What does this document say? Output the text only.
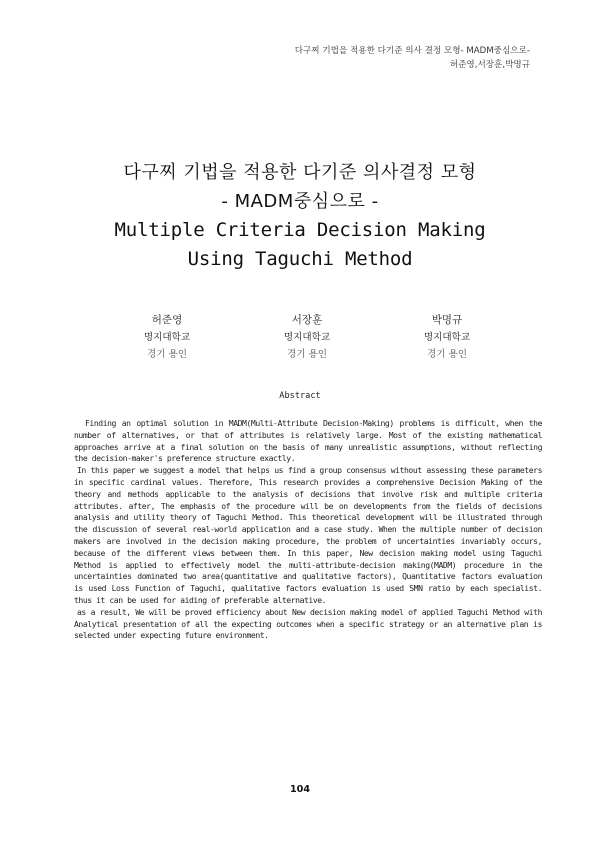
다구찌 기법을 적용한 다기준 의사 결정 모형- MADM중심으로-
허준영,서장훈,박명규
다구찌 기법을 적용한 다기준 의사결정 모형
- MADM중심으로 -
Multiple Criteria Decision Making
Using Taguchi Method
허준영
명지대학교
경기 용인
서장훈
명지대학교
경기 용인
박명규
명지대학교
경기 용인
Abstract

Finding an optimal solution in MADM(Multi-Attribute Decision-Making) problems is difficult, when the number of alternatives, or that of attributes is relatively large. Most of the existing mathematical approaches arrive at a final solution on the basis of many unrealistic assumptions, without reflecting the decision-maker's preference structure exactly.

In this paper we suggest a model that helps us find a group consensus without assessing these parameters in specific cardinal values. Therefore, This research provides a comprehensive Decision Making of the theory and methods applicable to the analysis of decisions that involve risk and multiple criteria attributes. after, The emphasis of the procedure will be on developments from the fields of decisions analysis and utility theory of Taguchi Method. This theoretical development will be illustrated through the discussion of several real-world application and a case study. When the multiple number of decision makers are involved in the decision making procedure, the problem of uncertainties invariably occurs, because of the different views between them. In this paper, New decision making model using Taguchi Method is applied to effectively model the multi-attribute-decision making(MADM) procedure in the uncertainties dominated two area(quantitative and qualitative factors), Quantitative factors evaluation is used Loss Function of Taguchi, qualitative factors evaluation is used SMN ratio by each specialist. thus it can be used for aiding of preferable alternative.

as a result, We will be proved efficiency about New decision making model of applied Taguchi Method with Analytical presentation of all the expecting outcomes when a specific strategy or an alternative plan is selected under expecting future environment.

104
